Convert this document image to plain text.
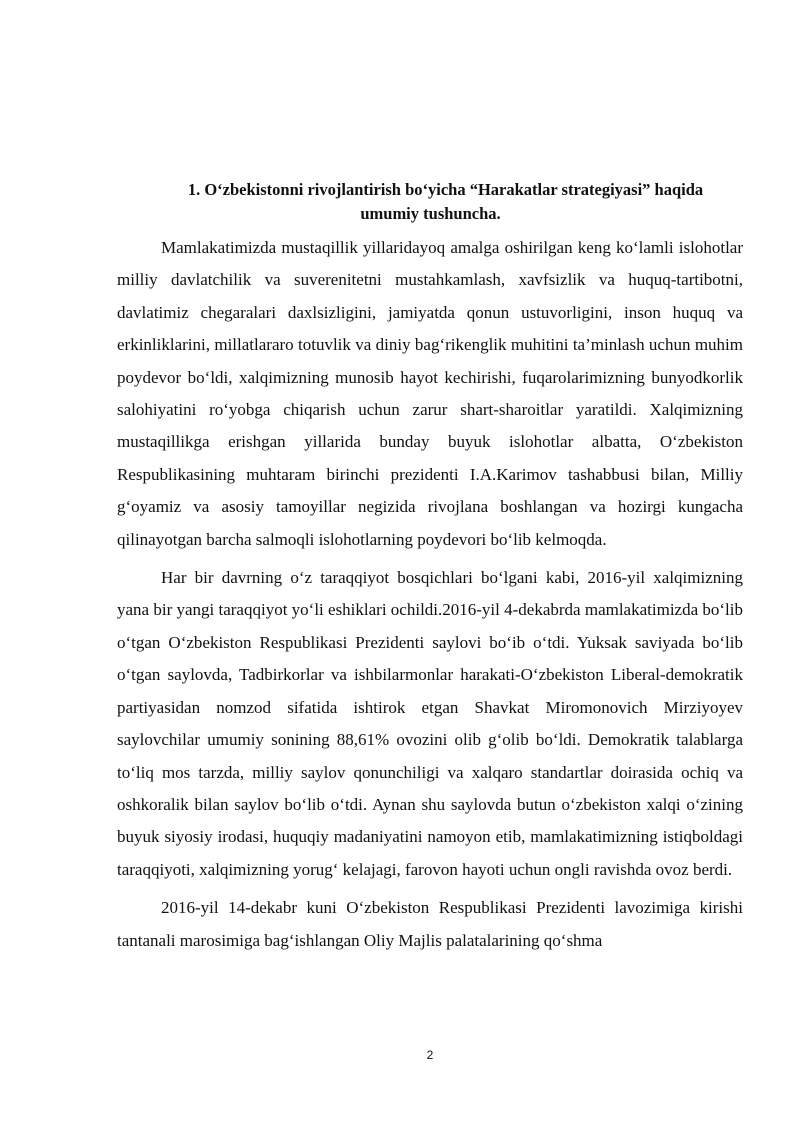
1. O‘zbekistonni rivojlantirish bo‘yicha “Harakatlar strategiyasi” haqida
umumiy tushuncha.

Mamlakatimizda mustaqillik yillaridayoq amalga oshirilgan keng ko‘lamli islohotlar milliy davlatchilik va suverenitetni mustahkamlash, xavfsizlik va huquq-tartibotni, davlatimiz chegaralari daxlsizligini, jamiyatda qonun ustuvorligini, inson huquq va erkinliklarini, millatlararo totuvlik va diniy bag‘rikenglik muhitini ta’minlash uchun muhim poydevor bo‘ldi, xalqimizning munosib hayot kechirishi, fuqarolarimizning bunyodkorlik salohiyatini ro‘yobga chiqarish uchun zarur shart-sharoitlar yaratildi. Xalqimizning mustaqillikga erishgan yillarida bunday buyuk islohotlar albatta, O‘zbekiston Respublikasining muhtaram birinchi prezidenti I.A.Karimov tashabbusi bilan, Milliy g‘oyamiz va asosiy tamoyillar negizida rivojlana boshlangan va hozirgi kungacha qilinayotgan barcha salmoqli islohotlarning poydevori bo‘lib kelmoqda.

Har bir davrning o‘z taraqqiyot bosqichlari bo‘lgani kabi, 2016-yil xalqimizning yana bir yangi taraqqiyot yo‘li eshiklari ochildi.2016-yil 4-dekabrda mamlakatimizda bo‘lib o‘tgan O‘zbekiston Respublikasi Prezidenti saylovi bo‘ib o‘tdi. Yuksak saviyada bo‘lib o‘tgan saylovda, Tadbirkorlar va ishbilarmonlar harakati-O‘zbekiston Liberal-demokratik partiyasidan nomzod sifatida ishtirok etgan Shavkat Miromonovich Mirziyoyev saylovchilar umumiy sonining 88,61% ovozini olib g‘olib bo‘ldi. Demokratik talablarga to‘liq mos tarzda, milliy saylov qonunchiligi va xalqaro standartlar doirasida ochiq va oshkoralik bilan saylov bo‘lib o‘tdi. Aynan shu saylovda butun o‘zbekiston xalqi o‘zining buyuk siyosiy irodasi, huquqiy madaniyatini namoyon etib, mamlakatimizning istiqboldagi taraqqiyoti, xalqimizning yorug‘ kelajagi, farovon hayoti uchun ongli ravishda ovoz berdi.

2016-yil 14-dekabr kuni O‘zbekiston Respublikasi Prezidenti lavozimiga kirishi tantanali marosimiga bag‘ishlangan Oliy Majlis palatalarining qo‘shma

2
